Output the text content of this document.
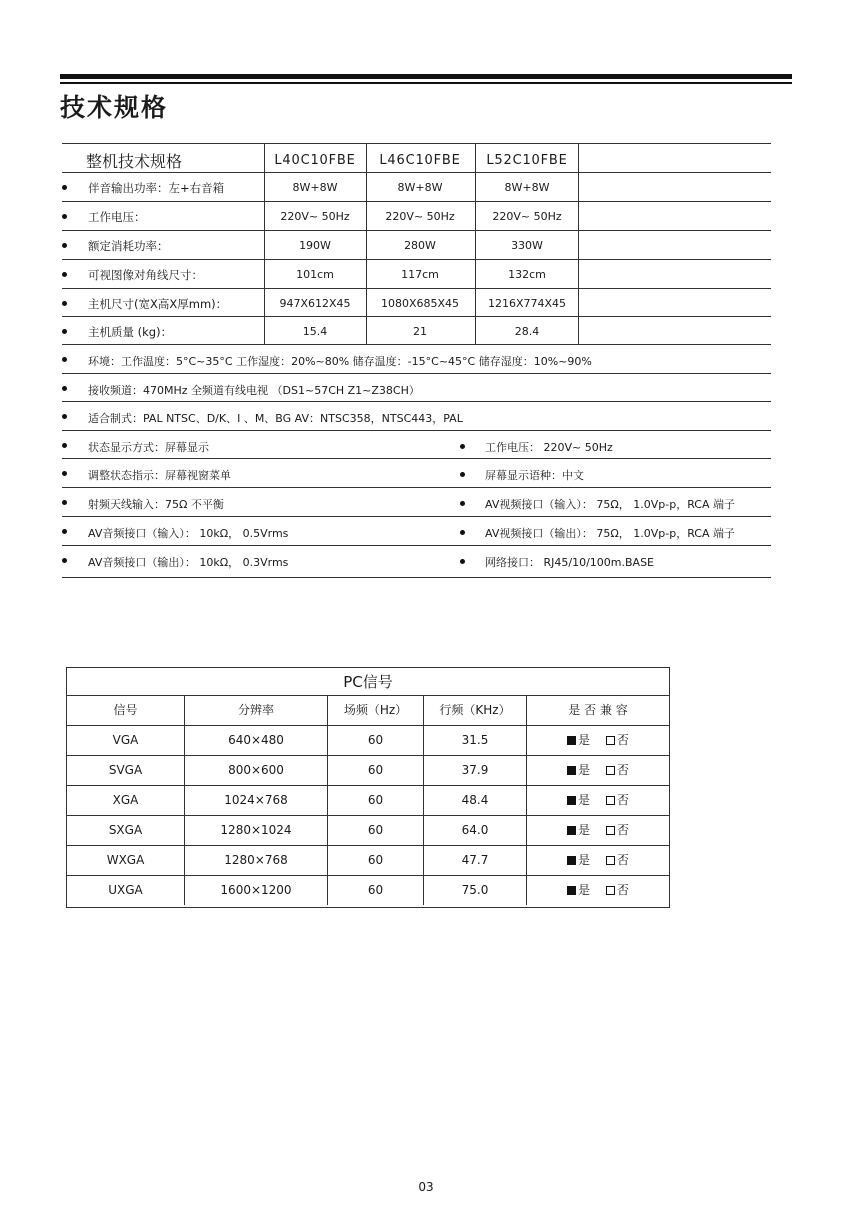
技术规格
整机技术规格	L40C10FBE	L46C10FBE	L52C10FBE
伴音输出功率：左+右音箱	8W+8W	8W+8W	8W+8W
工作电压：	220V~ 50Hz	220V~ 50Hz	220V~ 50Hz
额定消耗功率：	190W	280W	330W
可视图像对角线尺寸：	101cm	117cm	132cm
主机尺寸(宽X高X厚mm)：	947X612X45	1080X685X45	1216X774X45
主机质量 (kg)：	15.4	21	28.4
环境：工作温度：5°C~35°C 工作湿度：20%~80% 储存温度：-15°C~45°C 储存湿度：10%~90%
接收频道：470MHz 全频道有线电视 （DS1~57CH Z1~Z38CH）
适合制式：PAL NTSC、D/K、I 、M、BG AV：NTSC358，NTSC443，PAL
状态显示方式：屏幕显示	工作电压： 220V~ 50Hz
调整状态指示：屏幕视窗菜单	屏幕显示语种：中文
射频天线输入：75Ω 不平衡	AV视频接口（输入）： 75Ω， 1.0Vp-p，RCA 端子
AV音频接口（输入）： 10kΩ， 0.5Vrms	AV视频接口（输出）： 75Ω， 1.0Vp-p，RCA 端子
AV音频接口（输出）： 10kΩ， 0.3Vrms	网络接口： RJ45/10/100m.BASE
PC信号
信号	分辨率	场频（Hz）	行频（KHz）	是 否 兼 容
VGA	640×480	60	31.5	是 否
SVGA	800×600	60	37.9	是 否
XGA	1024×768	60	48.4	是 否
SXGA	1280×1024	60	64.0	是 否
WXGA	1280×768	60	47.7	是 否
UXGA	1600×1200	60	75.0	是 否
03
